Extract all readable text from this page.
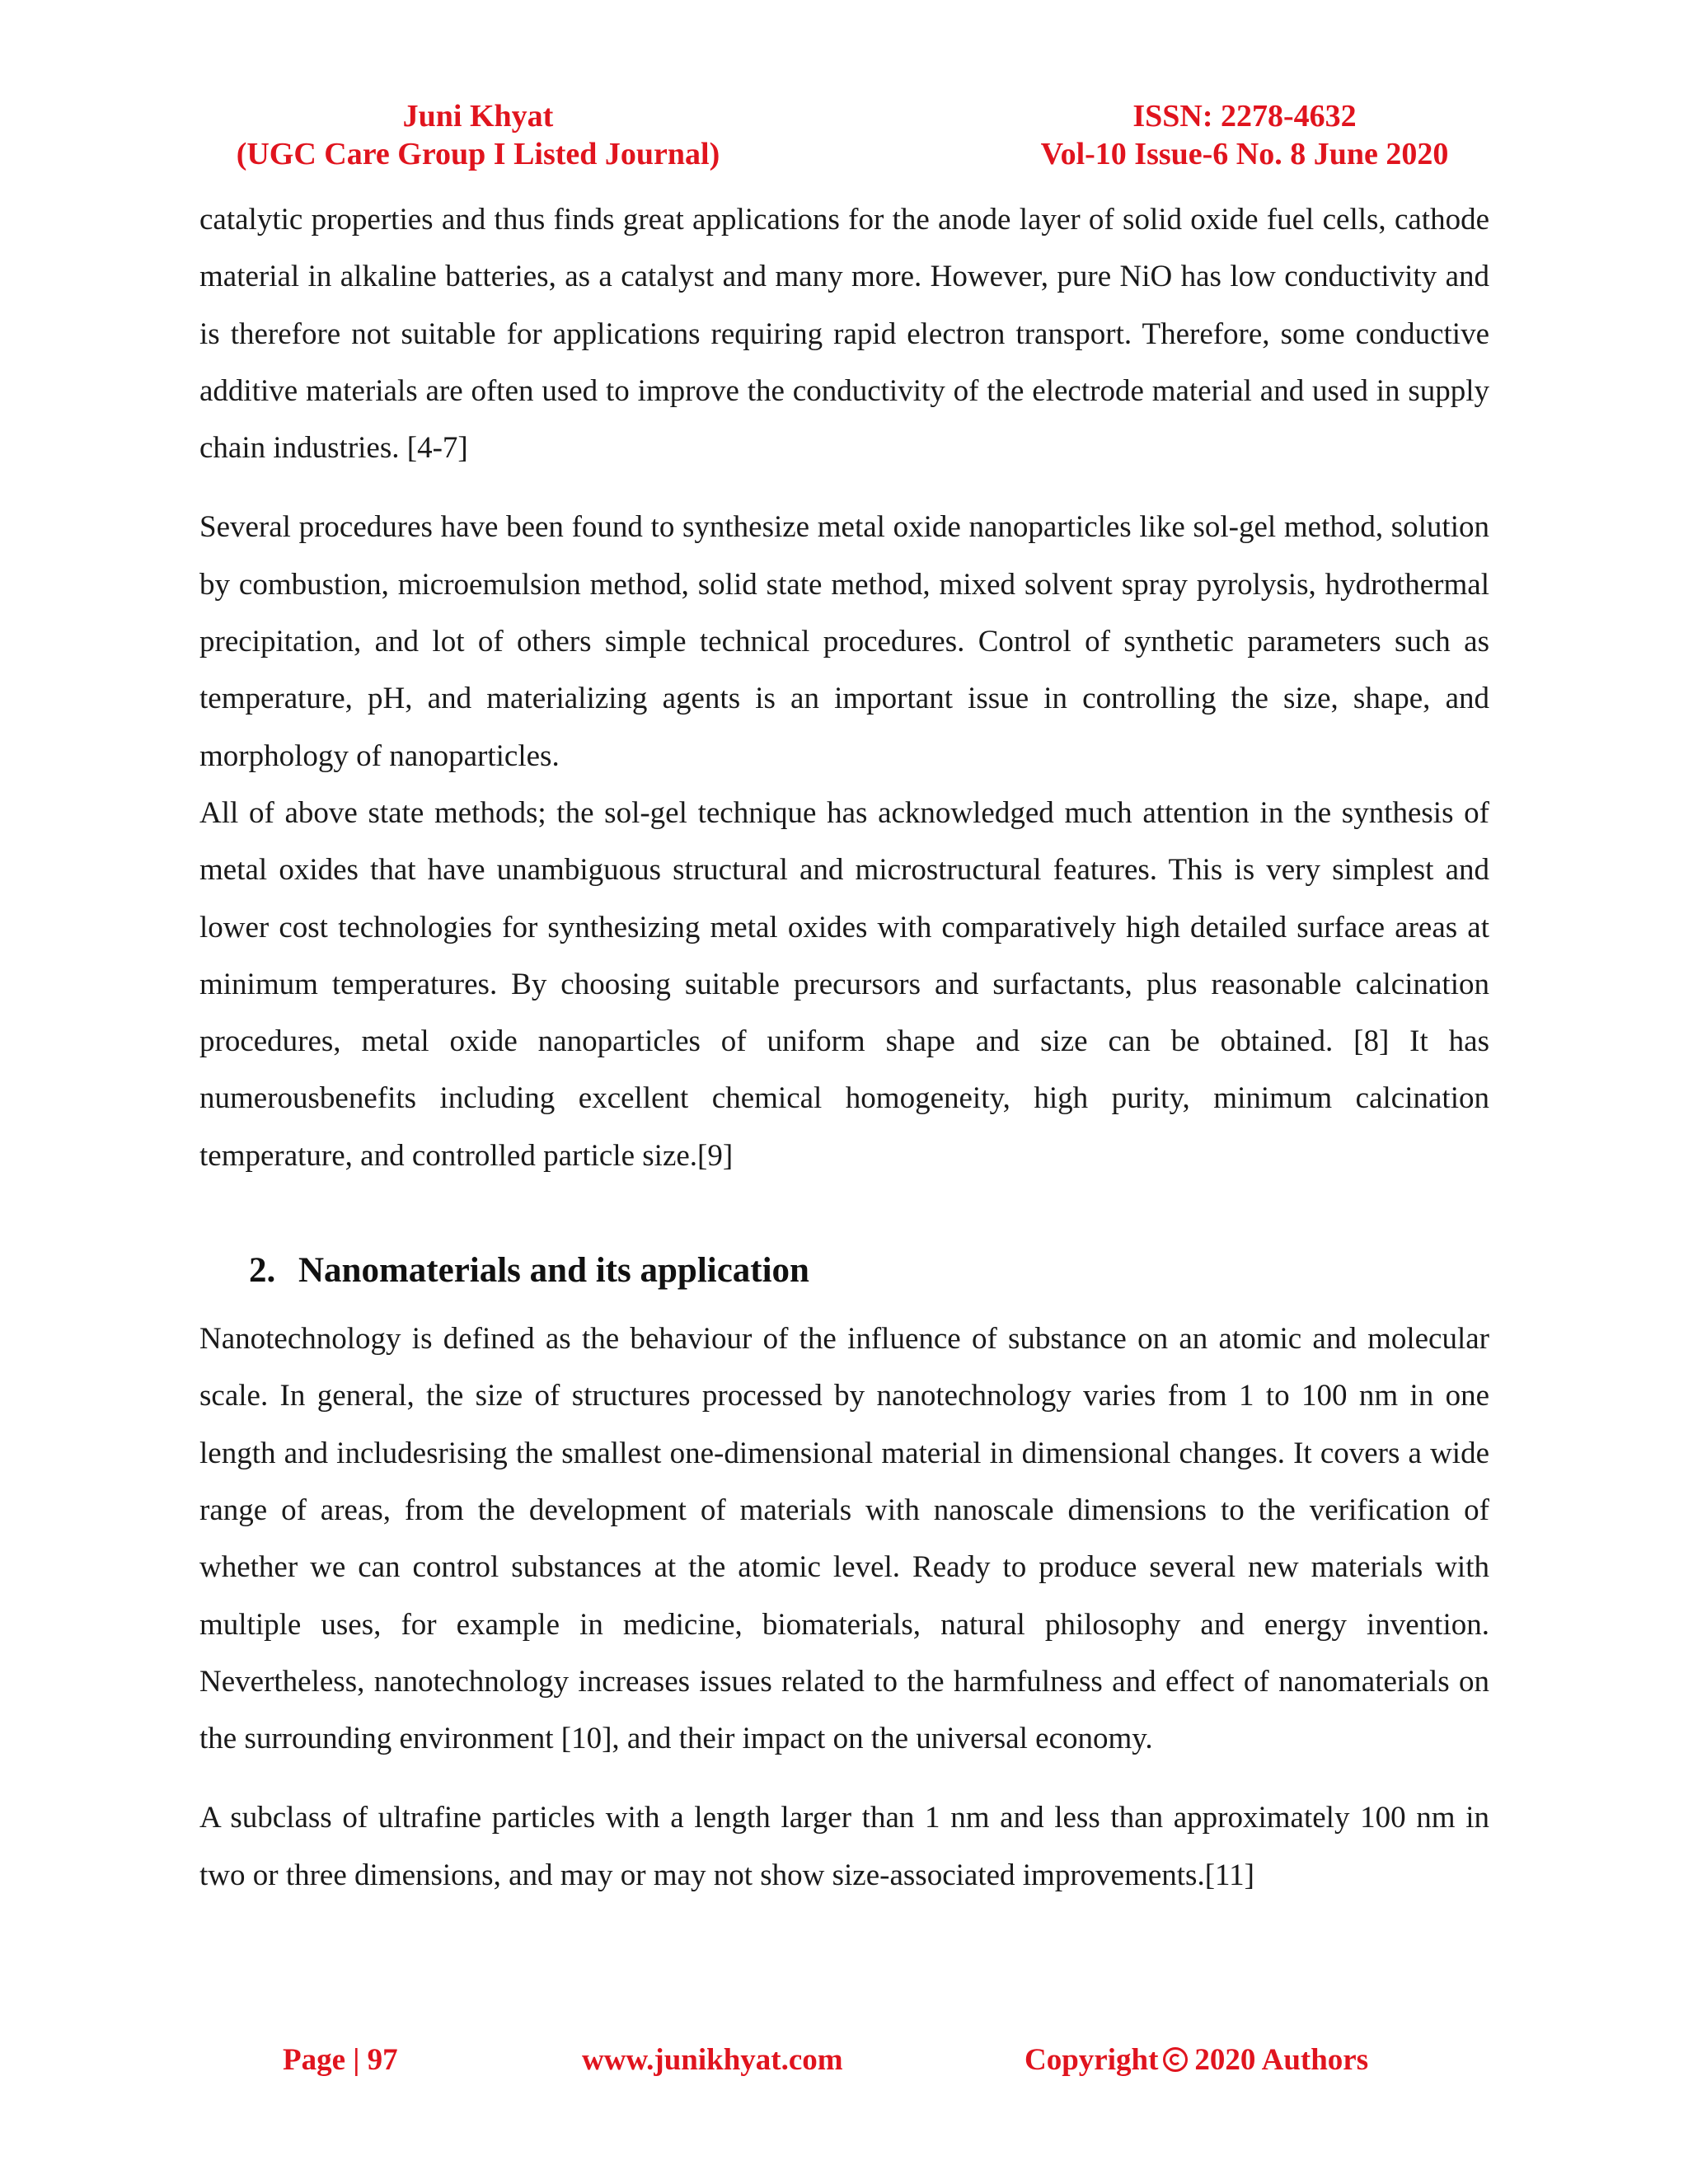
Juni Khyat
(UGC Care Group I Listed Journal)
ISSN: 2278-4632
Vol-10 Issue-6 No. 8 June 2020

catalytic properties and thus finds great applications for the anode layer of solid oxide fuel cells, cathode material in alkaline batteries, as a catalyst and many more. However, pure NiO has low conductivity and is therefore not suitable for applications requiring rapid electron transport. Therefore, some conductive additive materials are often used to improve the conductivity of the electrode material and used in supply chain industries. [4-7]

Several procedures have been found to synthesize metal oxide nanoparticles like sol-gel method, solution by combustion, microemulsion method, solid state method, mixed solvent spray pyrolysis, hydrothermal precipitation, and lot of others simple technical procedures. Control of synthetic parameters such as temperature, pH, and materializing agents is an important issue in controlling the size, shape, and morphology of nanoparticles.

All of above state methods; the sol-gel technique has acknowledged much attention in the synthesis of metal oxides that have unambiguous structural and microstructural features. This is very simplest and lower cost technologies for synthesizing metal oxides with comparatively high detailed surface areas at minimum temperatures. By choosing suitable precursors and surfactants, plus reasonable calcination procedures, metal oxide nanoparticles of uniform shape and size can be obtained. [8] It has numerousbenefits including excellent chemical homogeneity, high purity, minimum calcination temperature, and controlled particle size.[9]

2. Nanomaterials and its application

Nanotechnology is defined as the behaviour of the influence of substance on an atomic and molecular scale. In general, the size of structures processed by nanotechnology varies from 1 to 100 nm in one length and includesrising the smallest one-dimensional material in dimensional changes. It covers a wide range of areas, from the development of materials with nanoscale dimensions to the verification of whether we can control substances at the atomic level. Ready to produce several new materials with multiple uses, for example in medicine, biomaterials, natural philosophy and energy invention. Nevertheless, nanotechnology increases issues related to the harmfulness and effect of nanomaterials on the surrounding environment [10], and their impact on the universal economy.

A subclass of ultrafine particles with a length larger than 1 nm and less than approximately 100 nm in two or three dimensions, and may or may not show size-associated improvements.[11]

Page | 97	www.junikhyat.com	Copyright 2020 Authors
